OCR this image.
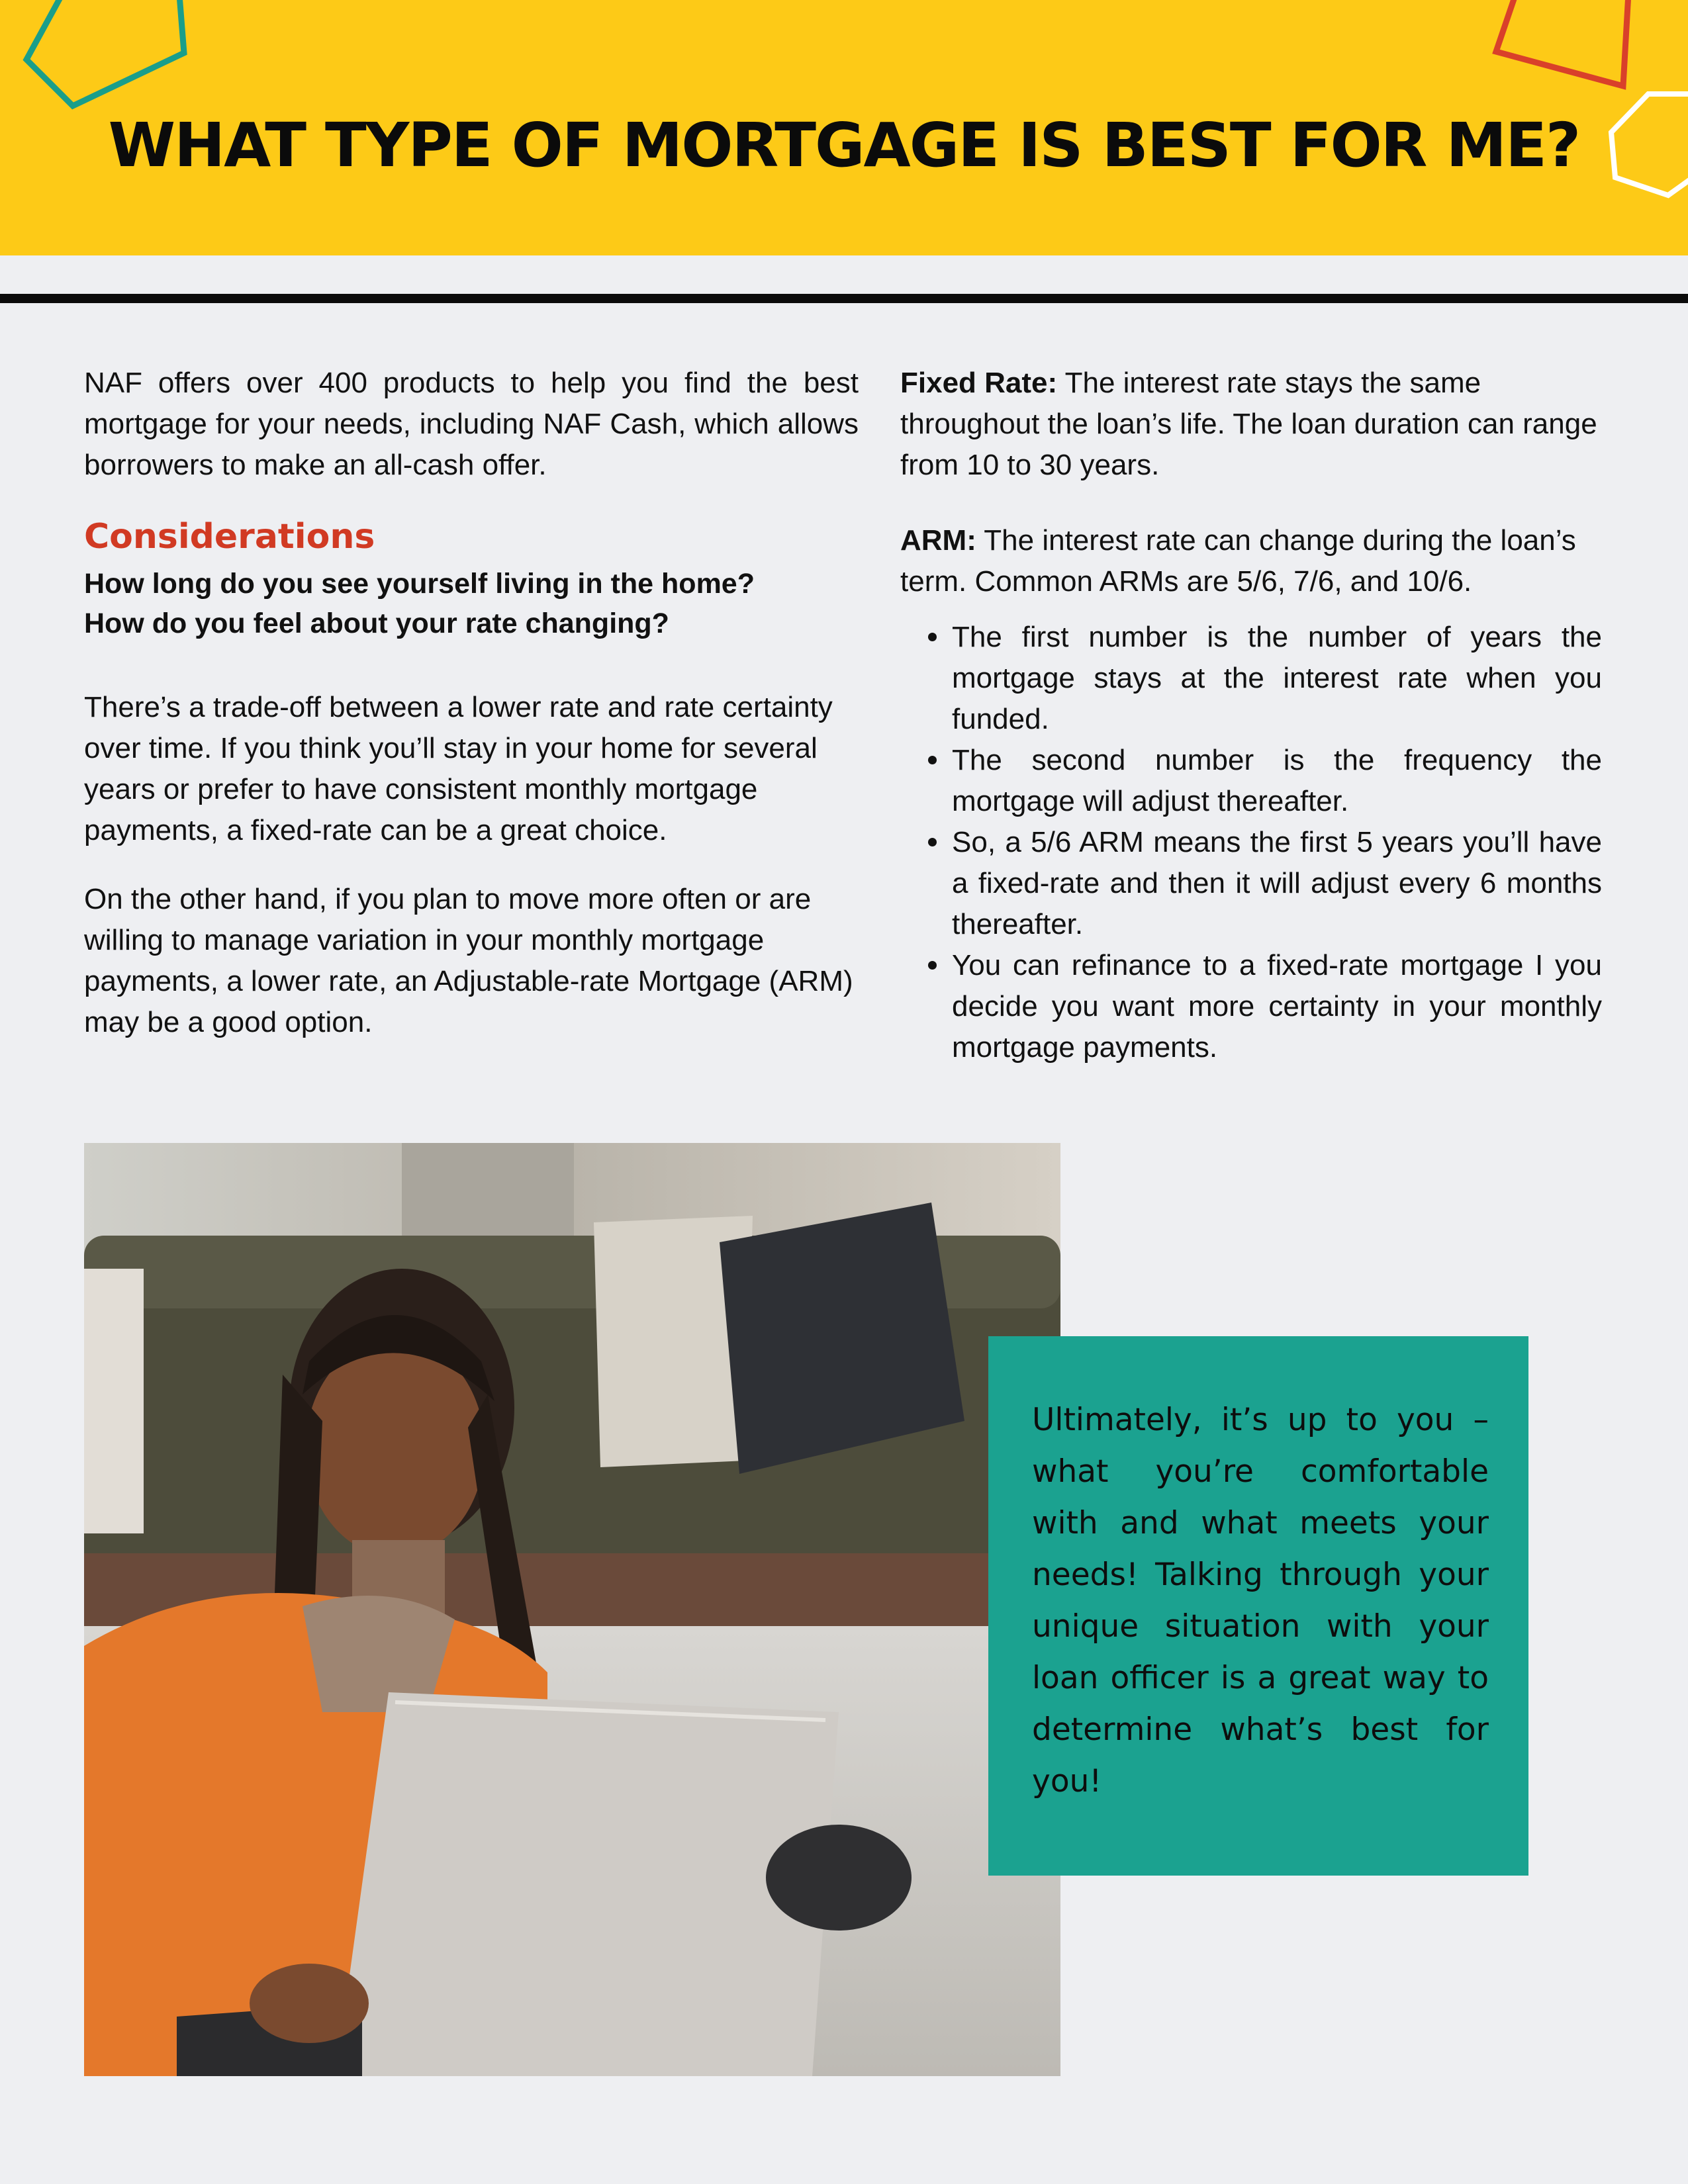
WHAT TYPE OF MORTGAGE IS BEST FOR ME?

NAF offers over 400 products to help you find the best mortgage for your needs, including NAF Cash, which allows borrowers to make an all-cash offer.

Considerations

How long do you see yourself living in the home?

How do you feel about your rate changing?

There’s a trade-off between a lower rate and rate certainty over time. If you think you’ll stay in your home for several years or prefer to have consistent monthly mortgage payments, a fixed-rate can be a great choice.

On the other hand, if you plan to move more often or are willing to manage variation in your monthly mortgage payments, a lower rate, an Adjustable-rate Mortgage (ARM) may be a good option.

Fixed Rate: The interest rate stays the same throughout the loan’s life. The loan duration can range from 10 to 30 years.

ARM: The interest rate can change during the loan’s term. Common ARMs are 5/6, 7/6, and 10/6.

The first number is the number of years the mortgage stays at the interest rate when you funded.
The second number is the frequency the mortgage will adjust thereafter.
So, a 5/6 ARM means the first 5 years you’ll have a fixed-rate and then it will adjust every 6 months thereafter.
You can refinance to a fixed-rate mortgage I you decide you want more certainty in your monthly mortgage payments.

Ultimately, it’s up to you – what you’re comfortable with and what meets your needs! Talking through your unique situation with your loan officer is a great way to determine what’s best for you!
